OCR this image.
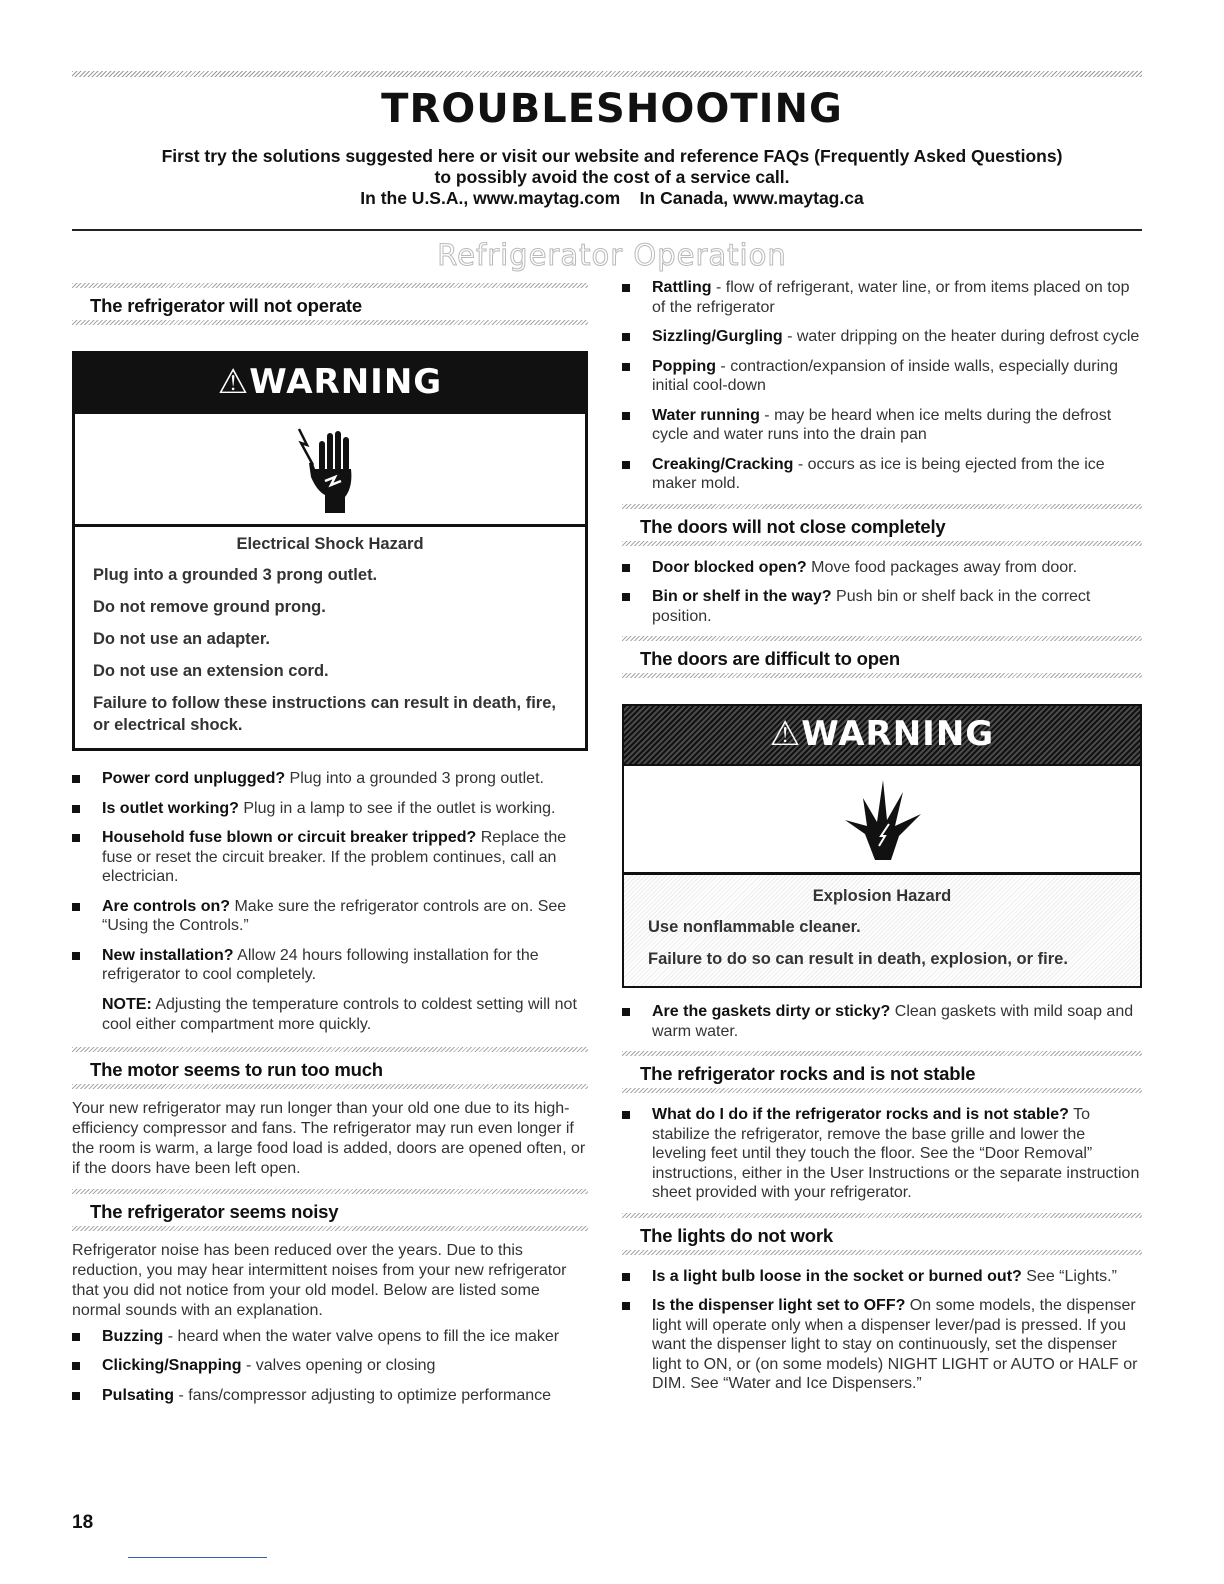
TROUBLESHOOTING
First try the solutions suggested here or visit our website and reference FAQs (Frequently Asked Questions)
to possibly avoid the cost of a service call.
In the U.S.A., www.maytag.com    In Canada, www.maytag.ca
Refrigerator Operation
The refrigerator will not operate
⚠WARNING
Electrical Shock Hazard
Plug into a grounded 3 prong outlet.
Do not remove ground prong.
Do not use an adapter.
Do not use an extension cord.
Failure to follow these instructions can result in death, fire, or electrical shock.
Power cord unplugged? Plug into a grounded 3 prong outlet.
Is outlet working? Plug in a lamp to see if the outlet is working.
Household fuse blown or circuit breaker tripped? Replace the fuse or reset the circuit breaker. If the problem continues, call an electrician.
Are controls on? Make sure the refrigerator controls are on. See “Using the Controls.”
New installation? Allow 24 hours following installation for the refrigerator to cool completely.
NOTE: Adjusting the temperature controls to coldest setting will not cool either compartment more quickly.
The motor seems to run too much

Your new refrigerator may run longer than your old one due to its high-efficiency compressor and fans. The refrigerator may run even longer if the room is warm, a large food load is added, doors are opened often, or if the doors have been left open.

The refrigerator seems noisy

Refrigerator noise has been reduced over the years. Due to this reduction, you may hear intermittent noises from your new refrigerator that you did not notice from your old model. Below are listed some normal sounds with an explanation.

Buzzing - heard when the water valve opens to fill the ice maker
Clicking/Snapping - valves opening or closing
Pulsating - fans/compressor adjusting to optimize performance
Rattling - flow of refrigerant, water line, or from items placed on top of the refrigerator
Sizzling/Gurgling - water dripping on the heater during defrost cycle
Popping - contraction/expansion of inside walls, especially during initial cool-down
Water running - may be heard when ice melts during the defrost cycle and water runs into the drain pan
Creaking/Cracking - occurs as ice is being ejected from the ice maker mold.
The doors will not close completely
Door blocked open? Move food packages away from door.
Bin or shelf in the way? Push bin or shelf back in the correct position.
The doors are difficult to open
⚠WARNING
Explosion Hazard
Use nonflammable cleaner.
Failure to do so can result in death, explosion, or fire.
Are the gaskets dirty or sticky? Clean gaskets with mild soap and warm water.
The refrigerator rocks and is not stable
What do I do if the refrigerator rocks and is not stable? To stabilize the refrigerator, remove the base grille and lower the leveling feet until they touch the floor. See the “Door Removal” instructions, either in the User Instructions or the separate instruction sheet provided with your refrigerator.
The lights do not work
Is a light bulb loose in the socket or burned out? See “Lights.”
Is the dispenser light set to OFF? On some models, the dispenser light will operate only when a dispenser lever/pad is pressed. If you want the dispenser light to stay on continuously, set the dispenser light to ON, or (on some models) NIGHT LIGHT or AUTO or HALF or DIM. See “Water and Ice Dispensers.”
18
